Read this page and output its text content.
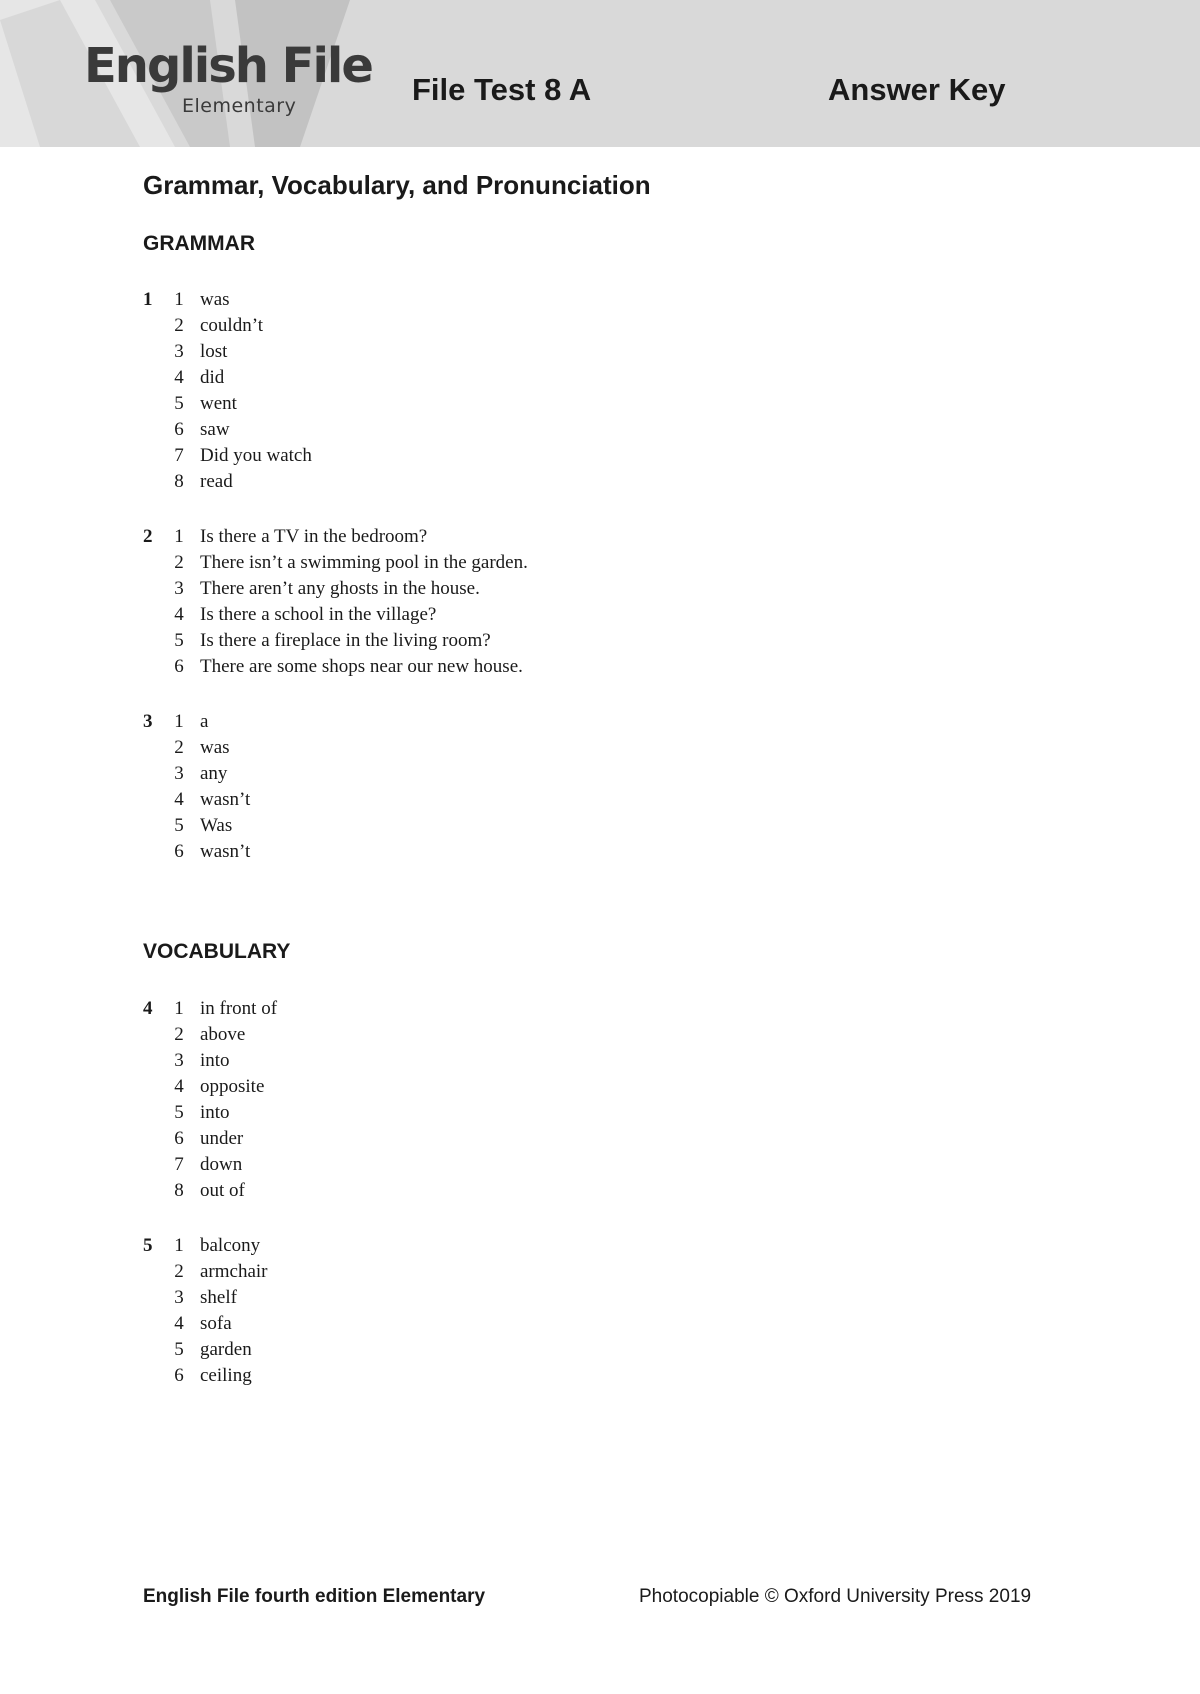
English File
Elementary	File Test 8 A	Answer Key
Grammar, Vocabulary, and Pronunciation
GRAMMAR
1	1 was
2 couldn’t
3 lost
4 did
5 went
6 saw
7 Did you watch
8 read
2	1 Is there a TV in the bedroom?
2 There isn’t a swimming pool in the garden.
3 There aren’t any ghosts in the house.
4 Is there a school in the village?
5 Is there a fireplace in the living room?
6 There are some shops near our new house.
3	1 a
2 was
3 any
4 wasn’t
5 Was
6 wasn’t
VOCABULARY
4	1 in front of
2 above
3 into
4 opposite
5 into
6 under
7 down
8 out of
5	1 balcony
2 armchair
3 shelf
4 sofa
5 garden
6 ceiling
English File fourth edition Elementary	Photocopiable © Oxford University Press 2019
